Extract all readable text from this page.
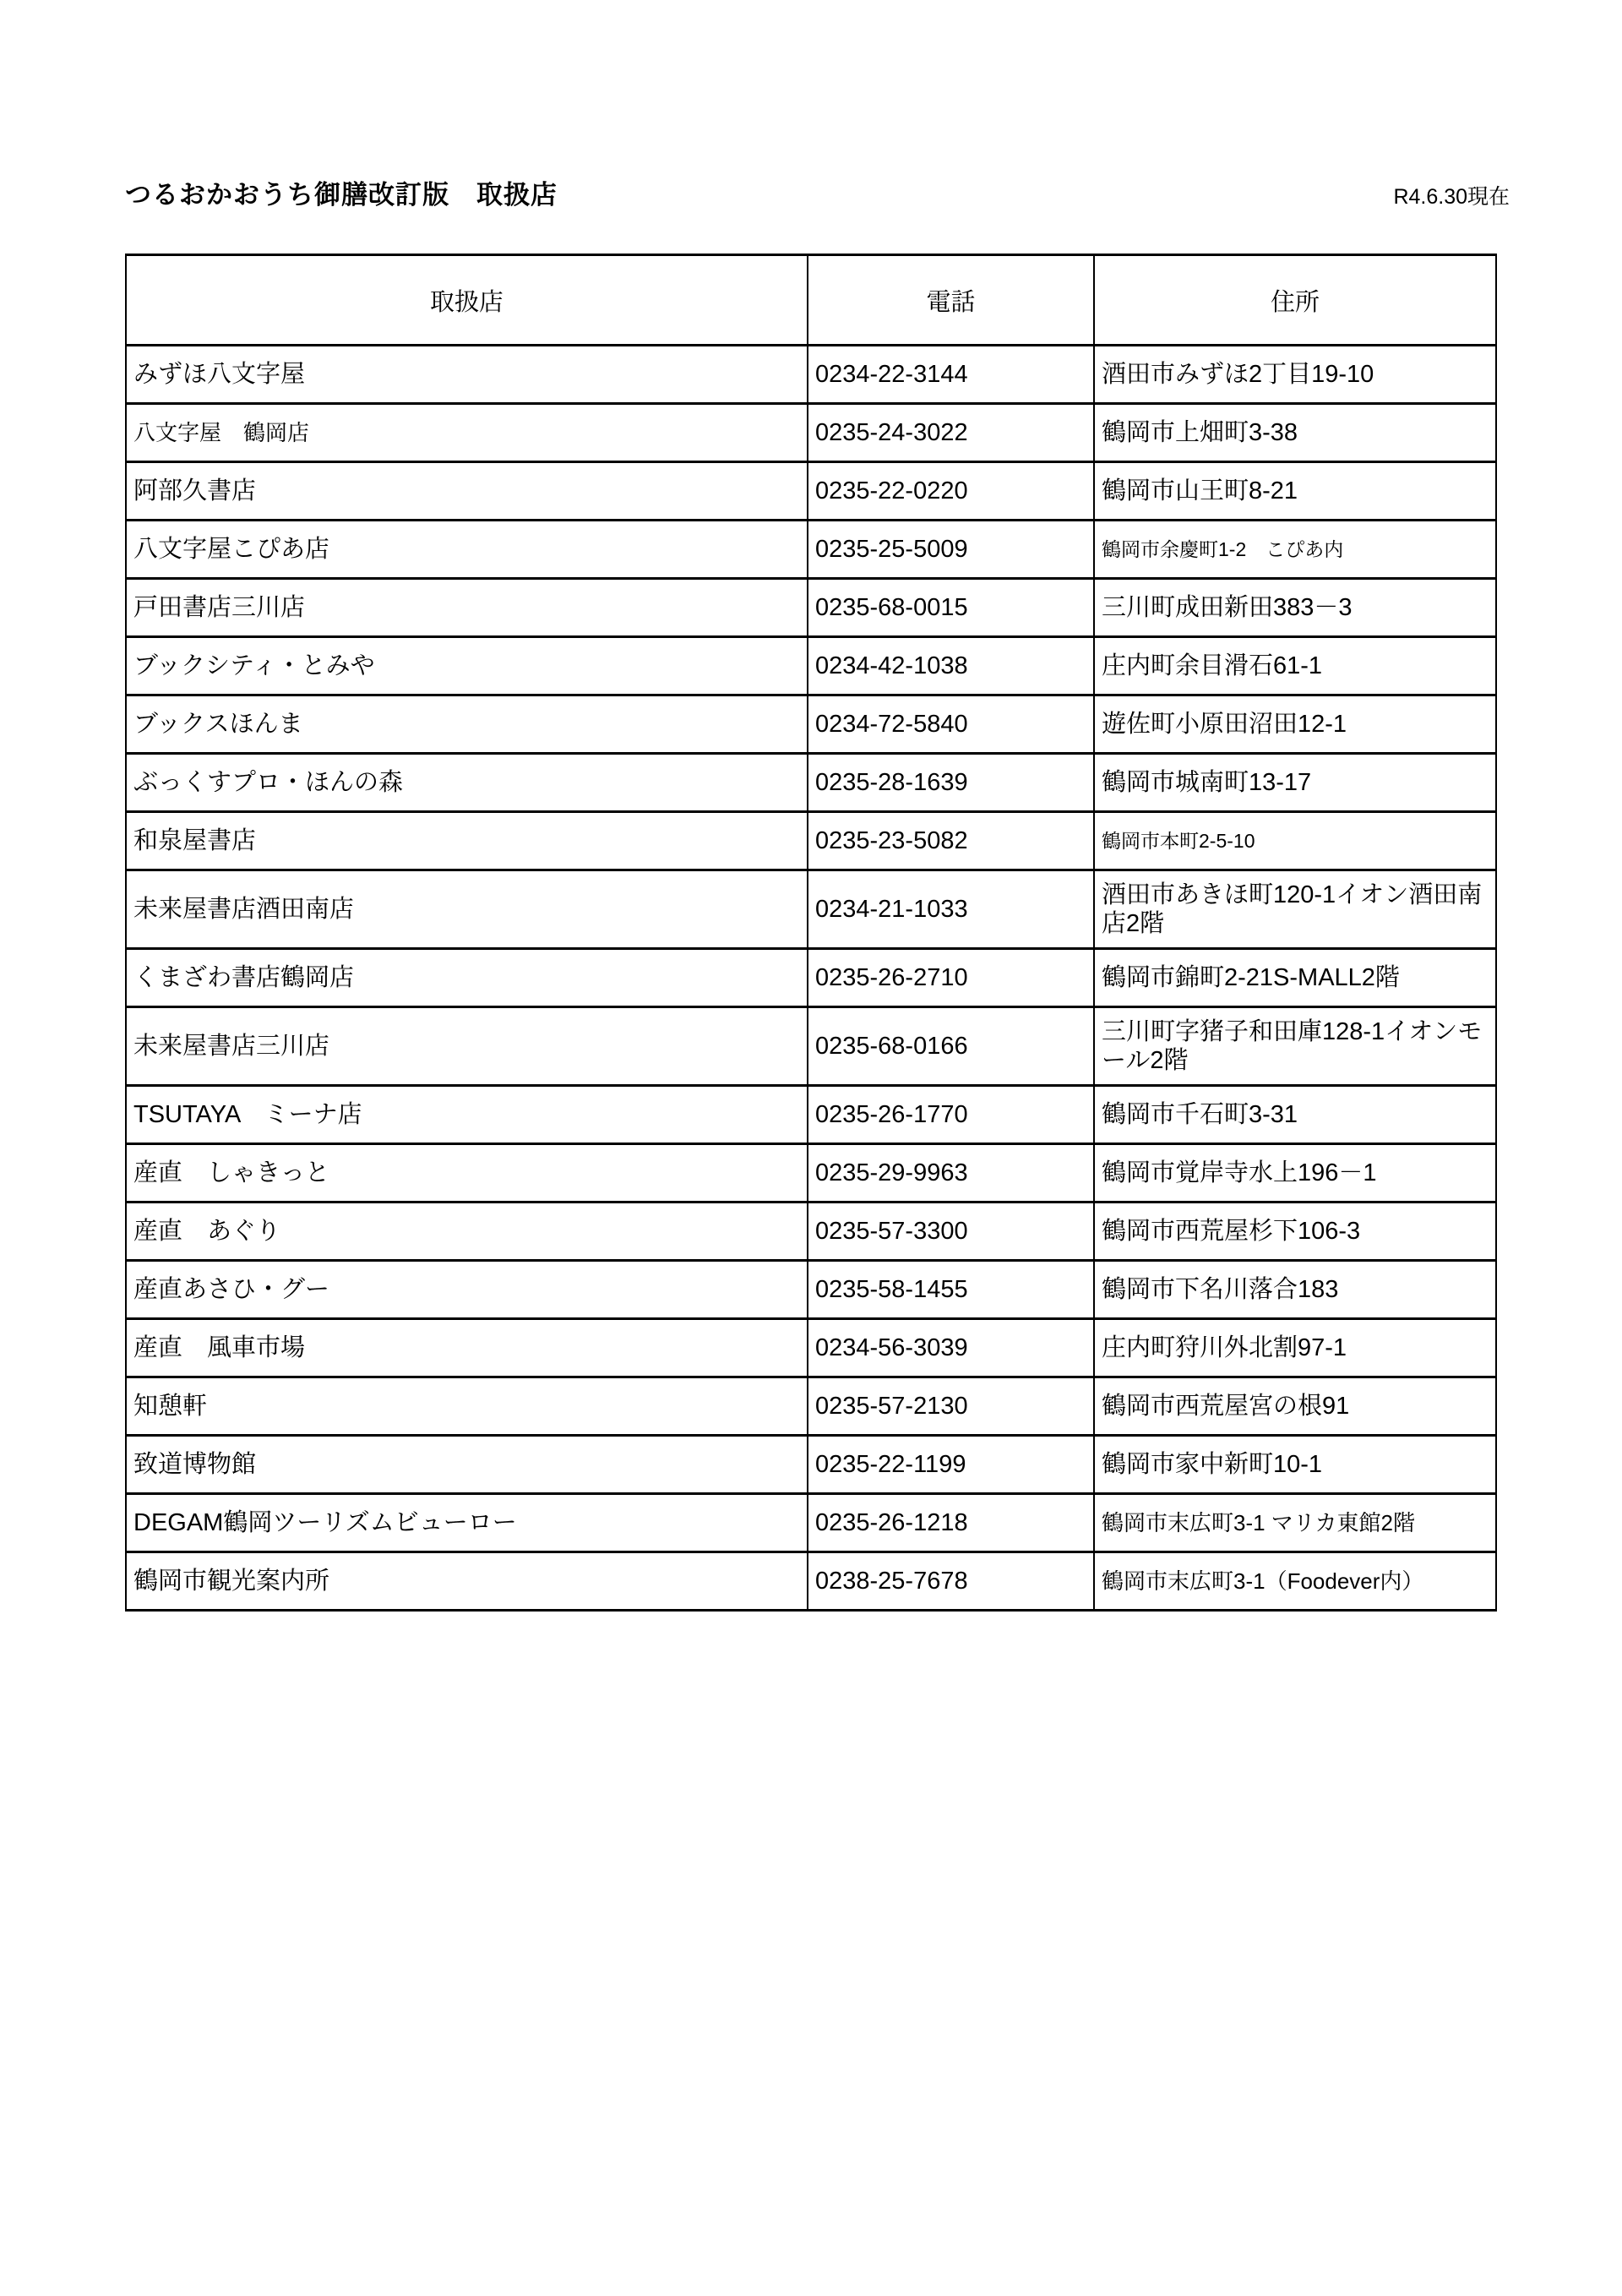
つるおかおうち御膳改訂版　取扱店	R4.6.30現在
取扱店	電話	住所
みずほ八文字屋	0234-22-3144	酒田市みずほ2丁目19-10
八文字屋　鶴岡店	0235-24-3022	鶴岡市上畑町3-38
阿部久書店	0235-22-0220	鶴岡市山王町8-21
八文字屋こぴあ店	0235-25-5009	鶴岡市余慶町1-2　こぴあ内
戸田書店三川店	0235-68-0015	三川町成田新田383－3
ブックシティ・とみや	0234-42-1038	庄内町余目滑石61-1
ブックスほんま	0234-72-5840	遊佐町小原田沼田12-1
ぶっくすプロ・ほんの森	0235-28-1639	鶴岡市城南町13-17
和泉屋書店	0235-23-5082	鶴岡市本町2-5-10
未来屋書店酒田南店	0234-21-1033	酒田市あきほ町120-1イオン酒田南店2階
くまざわ書店鶴岡店	0235-26-2710	鶴岡市錦町2-21S-MALL2階
未来屋書店三川店	0235-68-0166	三川町字猪子和田庫128-1イオンモール2階
TSUTAYA　ミーナ店	0235-26-1770	鶴岡市千石町3-31
産直　しゃきっと	0235-29-9963	鶴岡市覚岸寺水上196－1
産直　あぐり	0235-57-3300	鶴岡市西荒屋杉下106-3
産直あさひ・グー	0235-58-1455	鶴岡市下名川落合183
産直　風車市場	0234-56-3039	庄内町狩川外北割97-1
知憩軒	0235-57-2130	鶴岡市西荒屋宮の根91
致道博物館	0235-22-1199	鶴岡市家中新町10-1
DEGAM鶴岡ツーリズムビューロー	0235-26-1218	鶴岡市末広町3-1 マリカ東館2階
鶴岡市観光案内所	0238-25-7678	鶴岡市末広町3-1（Foodever内）
